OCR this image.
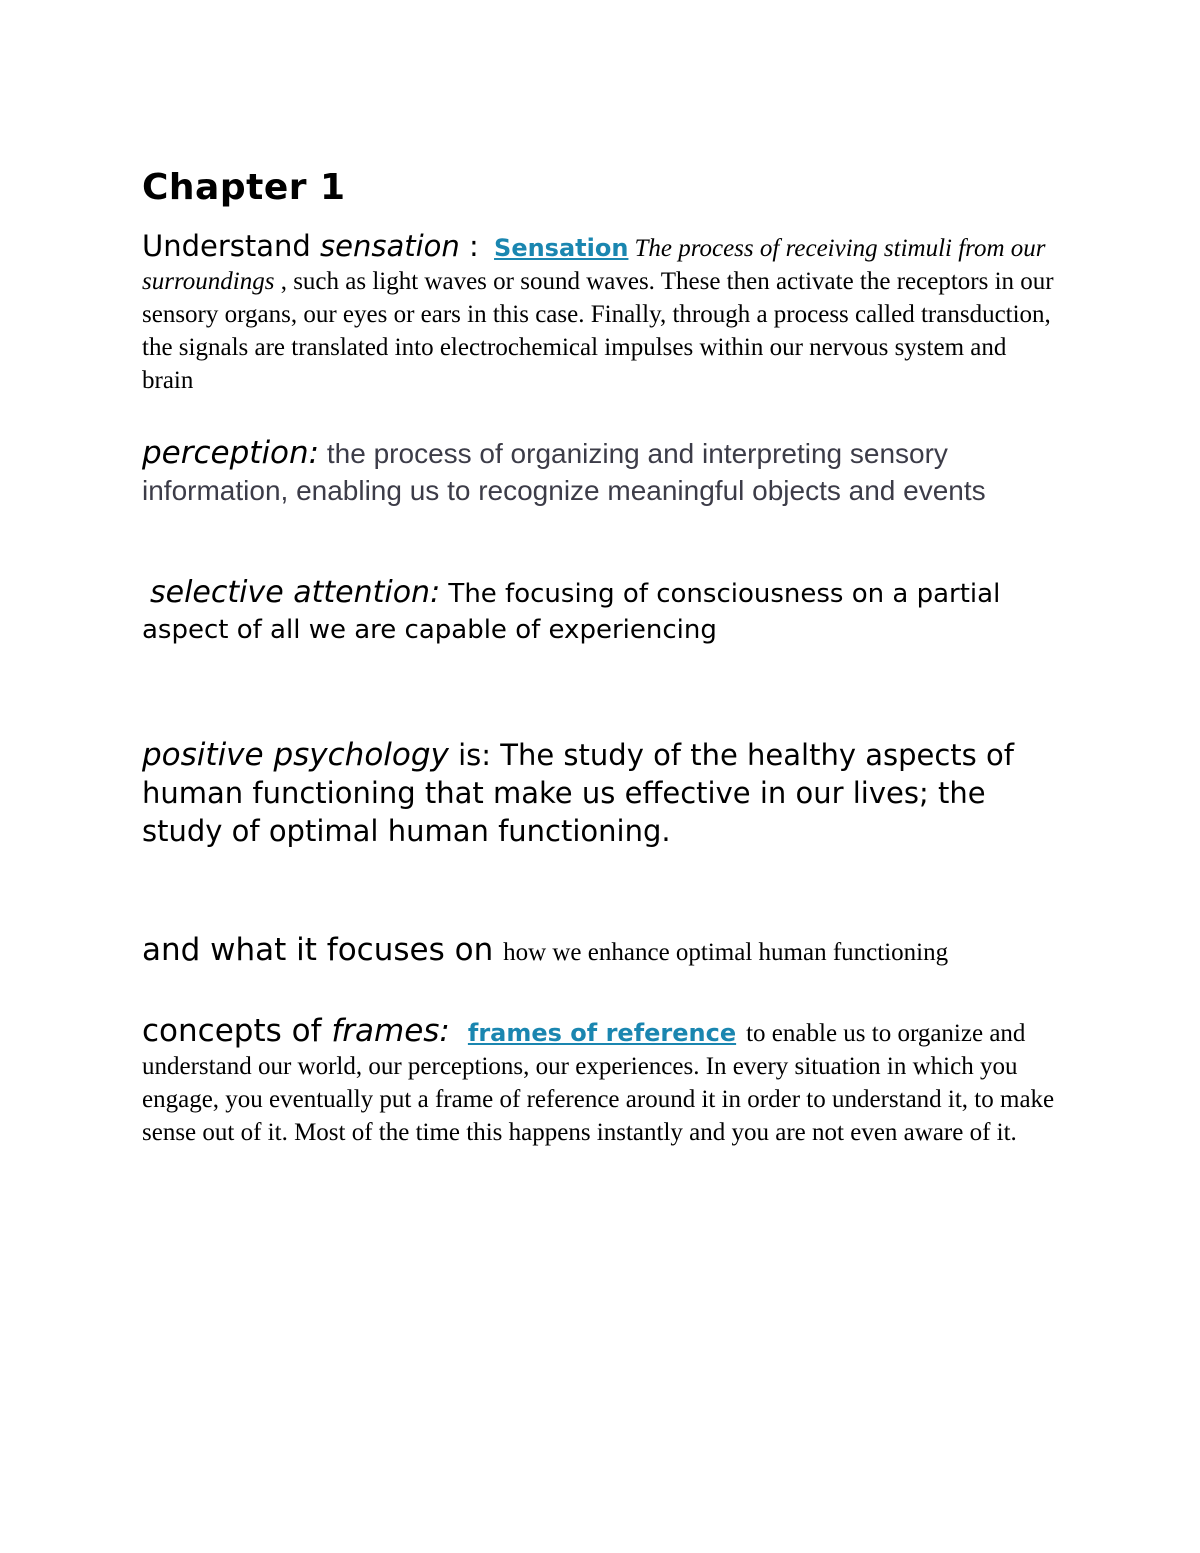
Chapter 1

Understand sensation : Sensation The process of receiving stimuli from our surroundings , such as light waves or sound waves. These then activate the receptors in our sensory organs, our eyes or ears in this case. Finally, through a process called transduction, the signals are translated into electrochemical impulses within our nervous system and brain

perception: the process of organizing and interpreting sensory information, enabling us to recognize meaningful objects and events

selective attention: The focusing of consciousness on a partial aspect of all we are capable of experiencing

positive psychology is: The study of the healthy aspects of human functioning that make us effective in our lives; the study of optimal human functioning.

and what it focuses on how we enhance optimal human functioning

concepts of frames: frames of reference to enable us to organize and understand our world, our perceptions, our experiences. In every situation in which you engage, you eventually put a frame of reference around it in order to understand it, to make sense out of it. Most of the time this happens instantly and you are not even aware of it.
